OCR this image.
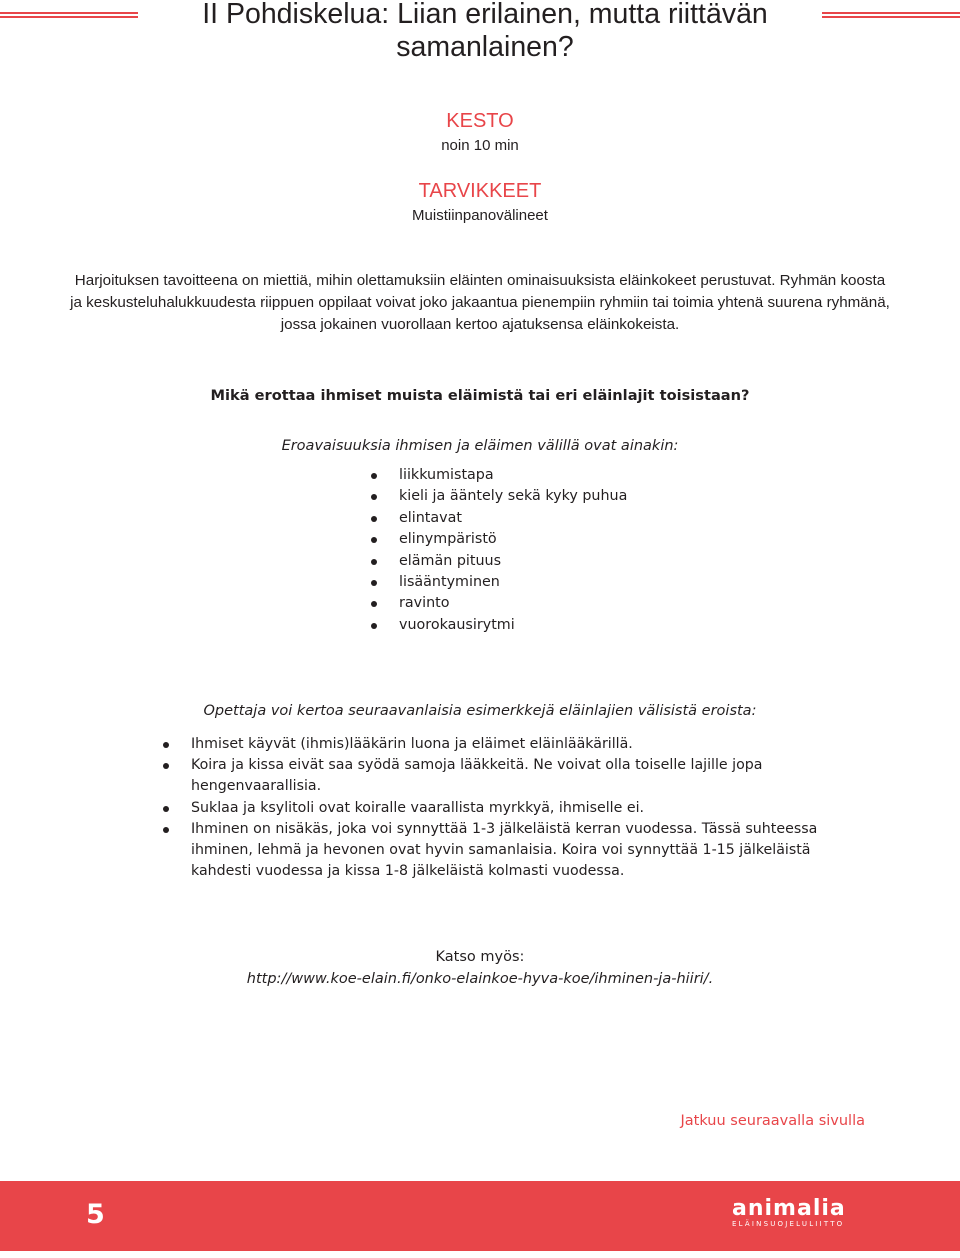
II Pohdiskelua: Liian erilainen, mutta riittävän samanlainen?
KESTO
noin 10 min
TARVIKKEET
Muistiinpanovälineet

Harjoituksen tavoitteena on miettiä, mihin olettamuksiin eläinten ominaisuuksista eläinkokeet perustuvat. Ryhmän koosta ja keskusteluhalukkuudesta riippuen oppilaat voivat joko jakaantua pienempiin ryhmiin tai toimia yhtenä suurena ryhmänä, jossa jokainen vuorollaan kertoo ajatuksensa eläinkokeista.

Mikä erottaa ihmiset muista eläimistä tai eri eläinlajit toisistaan?
Eroavaisuuksia ihmisen ja eläimen välillä ovat ainakin:
liikkumistapa
kieli ja ääntely sekä kyky puhua
elintavat
elinympäristö
elämän pituus
lisääntyminen
ravinto
vuorokausirytmi
Opettaja voi kertoa seuraavanlaisia esimerkkejä eläinlajien välisistä eroista:
Ihmiset käyvät (ihmis)lääkärin luona ja eläimet eläinlääkärillä.
Koira ja kissa eivät saa syödä samoja lääkkeitä. Ne voivat olla toiselle lajille jopa hengenvaarallisia.
Suklaa ja ksylitoli ovat koiralle vaarallista myrkkyä, ihmiselle ei.
Ihminen on nisäkäs, joka voi synnyttää 1-3 jälkeläistä kerran vuodessa. Tässä suhteessa ihminen, lehmä ja hevonen ovat hyvin samanlaisia. Koira voi synnyttää 1-15 jälkeläistä kahdesti vuodessa ja kissa 1-8 jälkeläistä kolmasti vuodessa.
Katso myös:
http://www.koe-elain.fi/onko-elainkoe-hyva-koe/ihminen-ja-hiiri/.
Jatkuu seuraavalla sivulla
5	animalia
ELÄINSUOJELULIITTO
